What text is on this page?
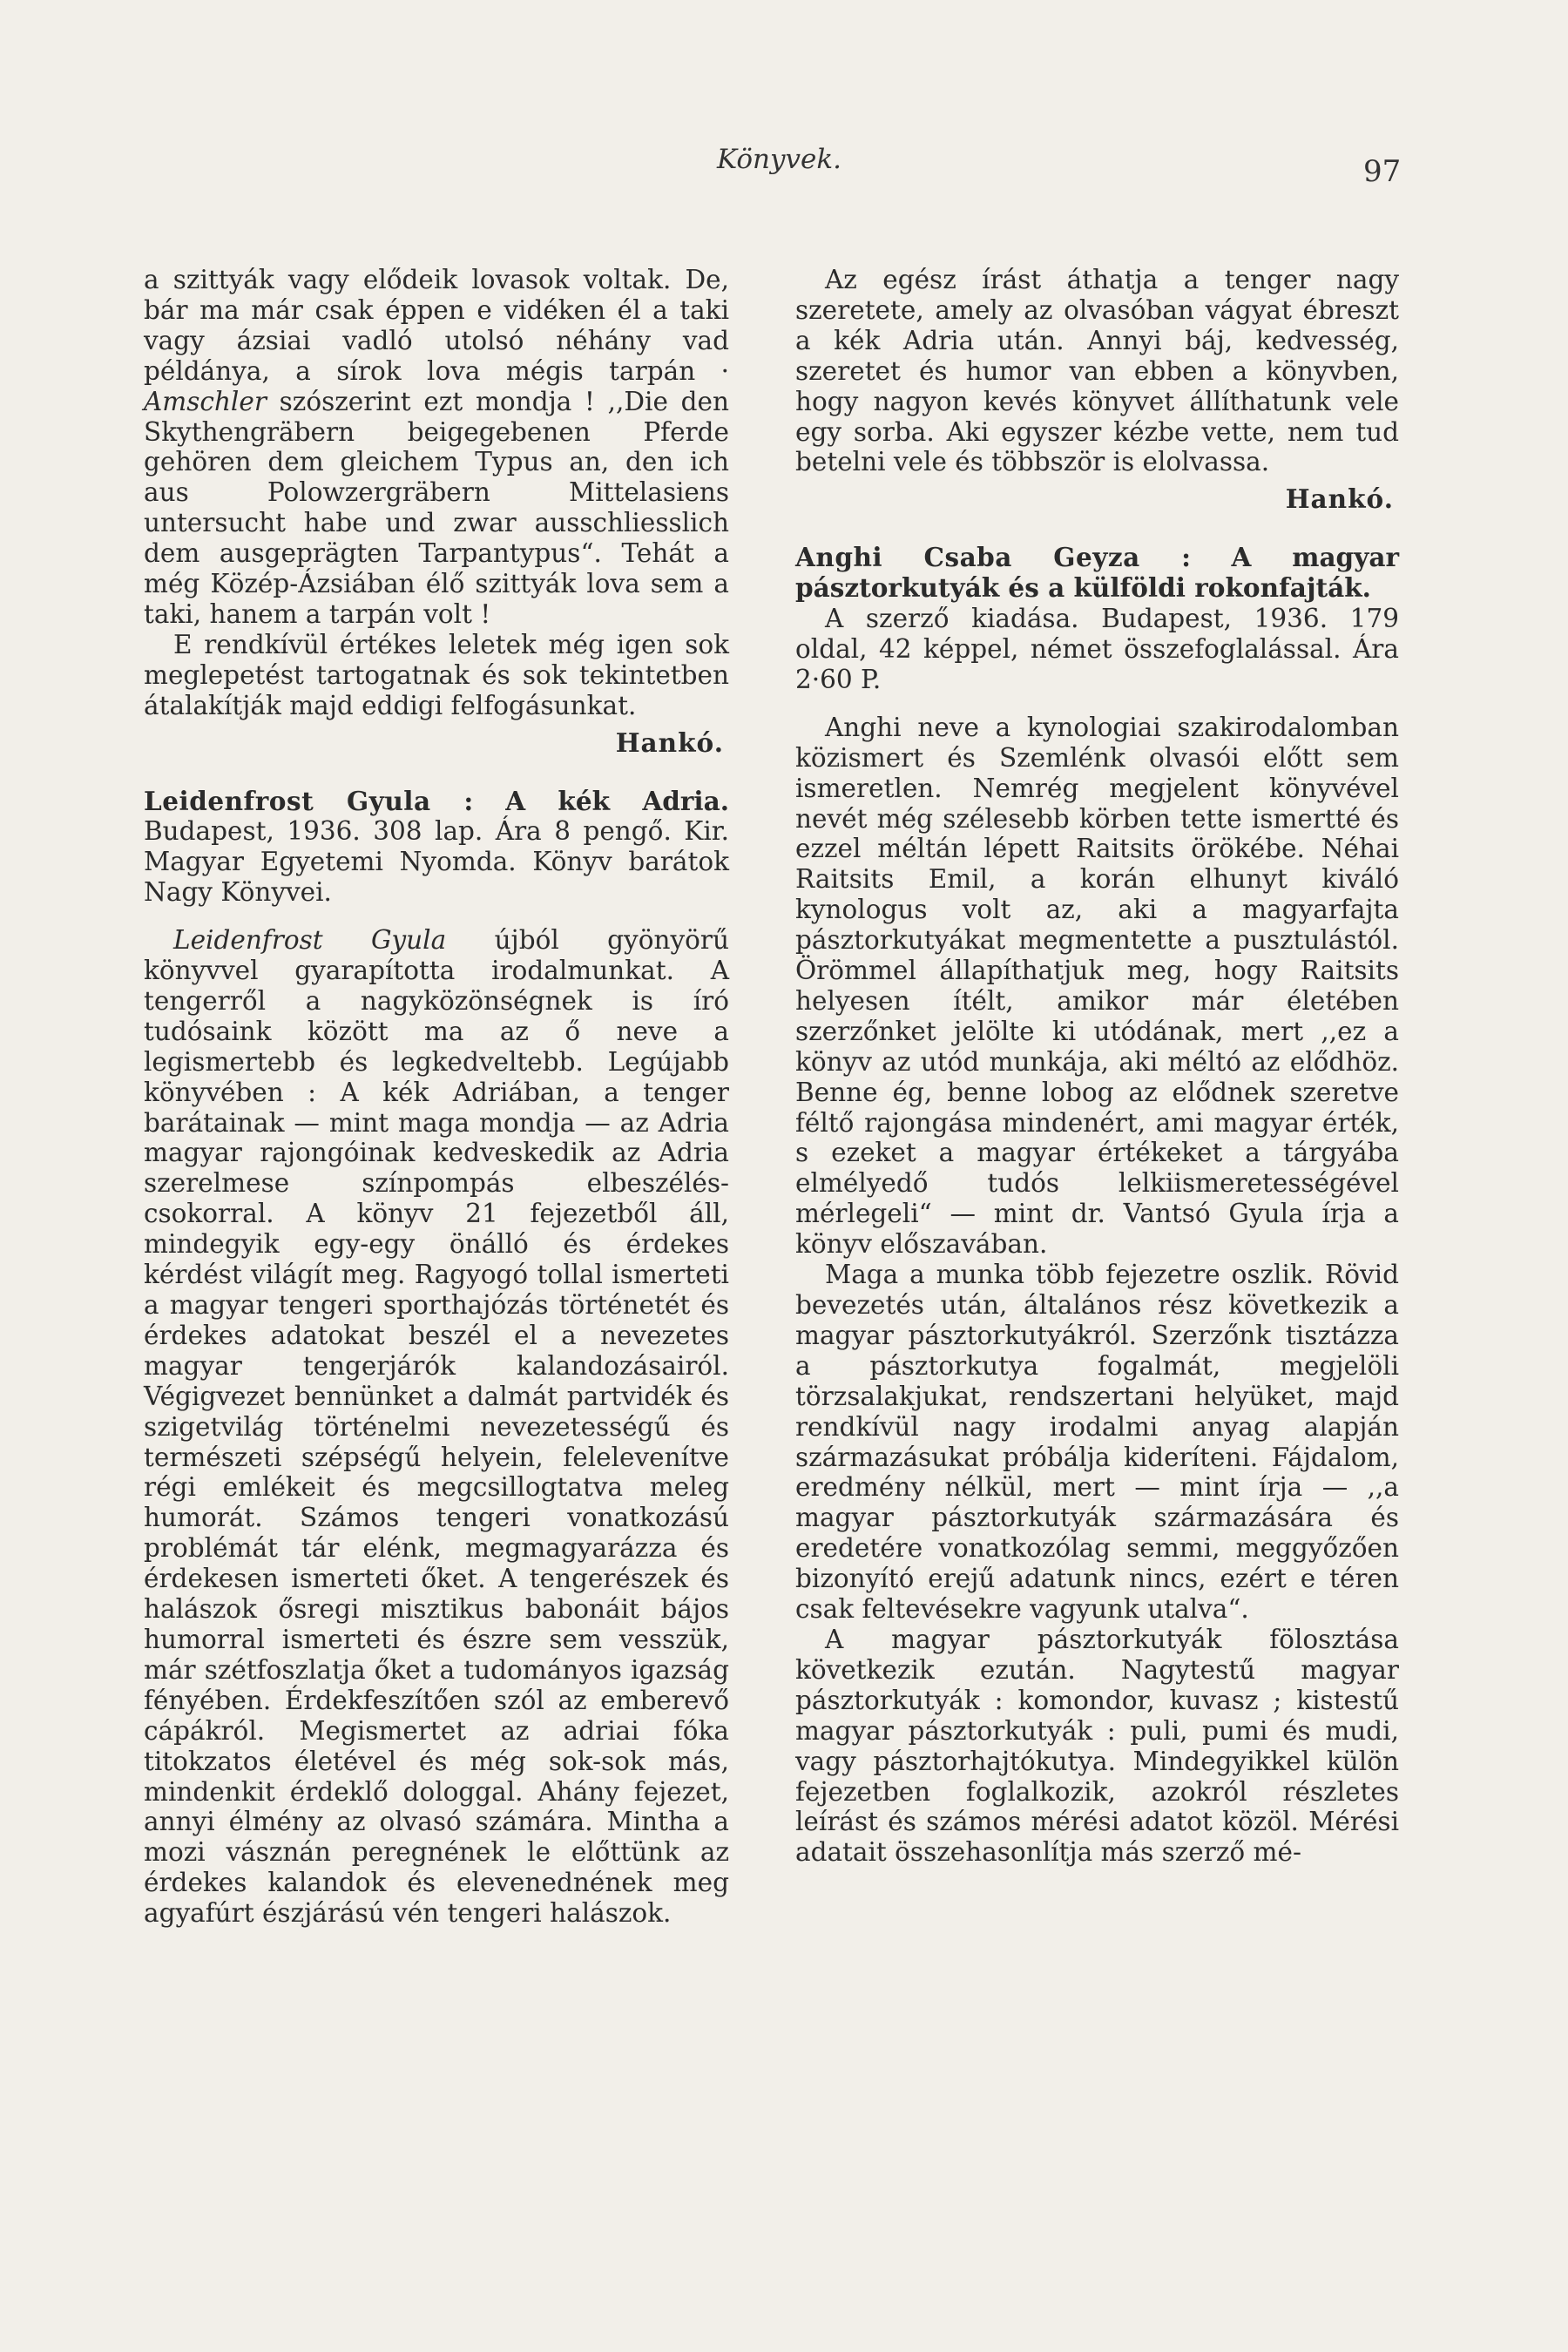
Könyvek.	97

a szittyák vagy elődeik lovasok voltak. De, bár ma már csak éppen e vidéken él a taki vagy ázsiai vadló utolsó néhány vad példánya, a sírok lova mégis tarpán · Amschler szószerint ezt mondja ! ,,Die den Skythengräbern beigegebenen Pferde gehören dem gleichem Typus an, den ich aus Polowzergräbern Mittelasiens untersucht habe und zwar ausschliesslich dem ausgeprägten Tarpantypus“. Tehát a még Közép-Ázsiában élő szittyák lova sem a taki, hanem a tarpán volt !

E rendkívül értékes leletek még igen sok meglepetést tartogatnak és sok tekintetben átalakítják majd eddigi felfogásunkat.

Hankó.

Leidenfrost Gyula : A kék Adria. Budapest, 1936. 308 lap. Ára 8 pengő. Kir. Magyar Egyetemi Nyomda. Könyv barátok Nagy Könyvei.

Leidenfrost Gyula újból gyönyörű könyvvel gyarapította irodalmunkat. A tengerről a nagyközönségnek is író tudósaink között ma az ő neve a legismertebb és legkedveltebb. Legújabb könyvében : A kék Adriában, a tenger barátainak — mint maga mondja — az Adria magyar rajongóinak kedveskedik az Adria szerelmese színpompás elbeszélés-csokorral. A könyv 21 fejezetből áll, mindegyik egy-egy önálló és érdekes kérdést világít meg. Ragyogó tollal ismerteti a magyar tengeri sporthajózás történetét és érdekes adatokat beszél el a nevezetes magyar tengerjárók kalandozásairól. Végigvezet bennünket a dalmát partvidék és szigetvilág történelmi nevezetességű és természeti szépségű helyein, felelevenítve régi emlékeit és megcsillogtatva meleg humorát. Számos tengeri vonatkozású problémát tár elénk, megmagyarázza és érdekesen ismerteti őket. A tengerészek és halászok ősregi misztikus babonáit bájos humorral ismerteti és észre sem vesszük, már szétfoszlatja őket a tudományos igazság fényében. Érdekfeszítően szól az emberevő cápákról. Megismertet az adriai fóka titokzatos életével és még sok-sok más, mindenkit érdeklő dologgal. Ahány fejezet, annyi élmény az olvasó számára. Mintha a mozi vásznán peregnének le előttünk az érdekes kalandok és elevenednének meg agyafúrt észjárású vén tengeri halászok.

Az egész írást áthatja a tenger nagy szeretete, amely az olvasóban vágyat ébreszt a kék Adria után. Annyi báj, kedvesség, szeretet és humor van ebben a könyvben, hogy nagyon kevés könyvet állíthatunk vele egy sorba. Aki egyszer kézbe vette, nem tud betelni vele és többször is elolvassa.

Hankó.

Anghi Csaba Geyza : A magyar pásztorkutyák és a külföldi rokonfajták.

A szerző kiadása. Budapest, 1936. 179 oldal, 42 képpel, német összefoglalással. Ára 2·60 P.

Anghi neve a kynologiai szakirodalomban közismert és Szemlénk olvasói előtt sem ismeretlen. Nemrég megjelent könyvével nevét még szélesebb körben tette ismertté és ezzel méltán lépett Raitsits örökébe. Néhai Raitsits Emil, a korán elhunyt kiváló kynologus volt az, aki a magyarfajta pásztorkutyákat megmentette a pusztulástól. Örömmel állapíthatjuk meg, hogy Raitsits helyesen ítélt, amikor már életében szerzőnket jelölte ki utódának, mert ,,ez a könyv az utód munkája, aki méltó az elődhöz. Benne ég, benne lobog az elődnek szeretve féltő rajongása mindenért, ami magyar érték, s ezeket a magyar értékeket a tárgyába elmélyedő tudós lelkiismeretességével mérlegeli“ — mint dr. Vantsó Gyula írja a könyv előszavában.

Maga a munka több fejezetre oszlik. Rövid bevezetés után, általános rész következik a magyar pásztorkutyákról. Szerzőnk tisztázza a pásztorkutya fogalmát, megjelöli törzsalakjukat, rendszertani helyüket, majd rendkívül nagy irodalmi anyag alapján származásukat próbálja kideríteni. Fájdalom, eredmény nélkül, mert — mint írja — ,,a magyar pásztorkutyák származására és eredetére vonatkozólag semmi, meggyőzően bizonyító erejű adatunk nincs, ezért e téren csak feltevésekre vagyunk utalva“.

A magyar pásztorkutyák fölosztása következik ezután. Nagytestű magyar pásztorkutyák : komondor, kuvasz ; kistestű magyar pásztorkutyák : puli, pumi és mudi, vagy pásztorhajtókutya. Mindegyikkel külön fejezetben foglalkozik, azokról részletes leírást és számos mérési adatot közöl. Mérési adatait összehasonlítja más szerző mé-
